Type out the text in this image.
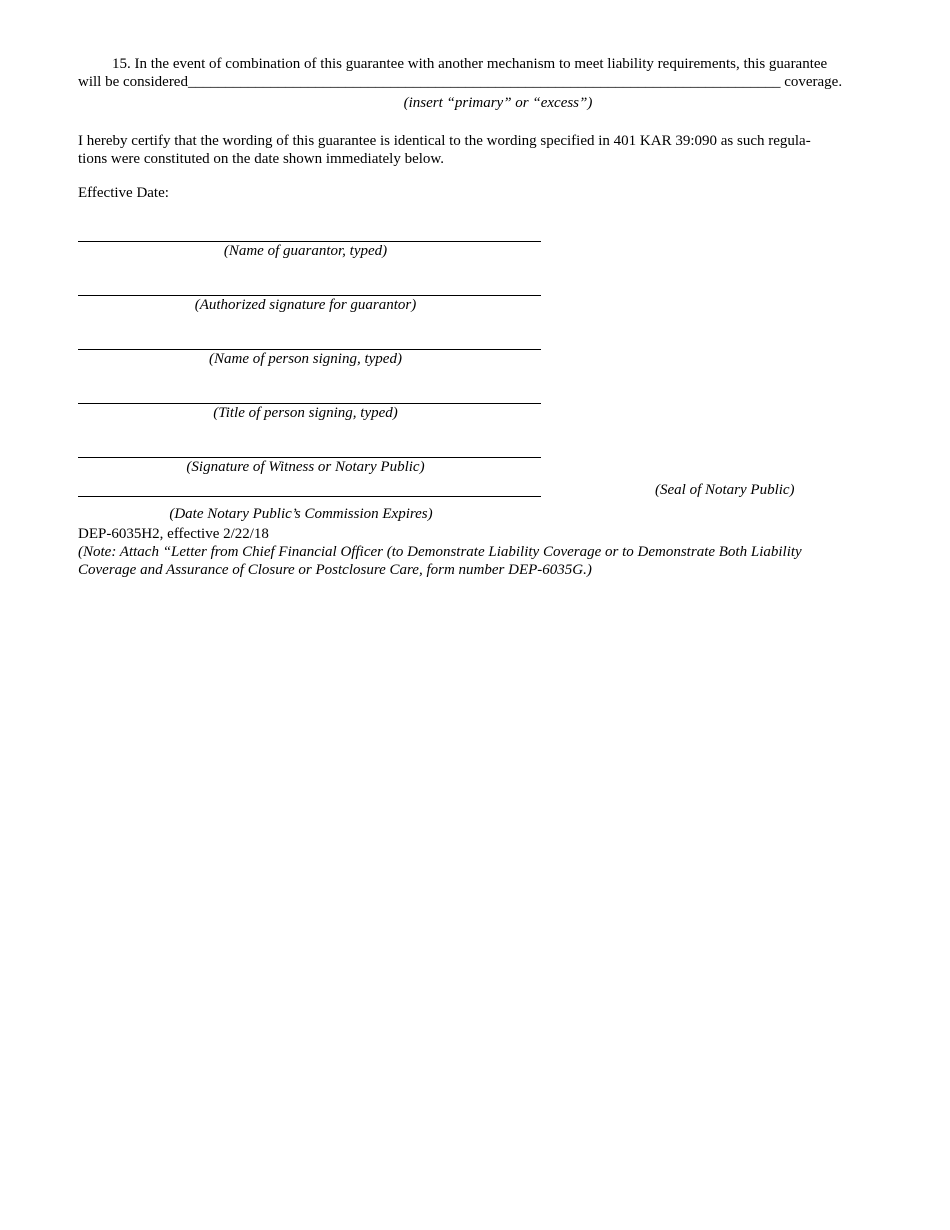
15. In the event of combination of this guarantee with another mechanism to meet liability requirements, this guarantee
will be considered_______________________________________________________________________________ coverage.
(insert “primary” or “excess”)
I hereby certify that the wording of this guarantee is identical to the wording specified in 401 KAR 39:090 as such regula-
tions were constituted on the date shown immediately below.
Effective Date:
(Name of guarantor, typed)
(Authorized signature for guarantor)
(Name of person signing, typed)
(Title of person signing, typed)
(Signature of Witness or Notary Public)
(Date Notary Public’s Commission Expires)
(Seal of Notary Public)
DEP-6035H2, effective 2/22/18
(Note: Attach “Letter from Chief Financial Officer (to Demonstrate Liability Coverage or to Demonstrate Both Liability
Coverage and Assurance of Closure or Postclosure Care, form number DEP-6035G.)
